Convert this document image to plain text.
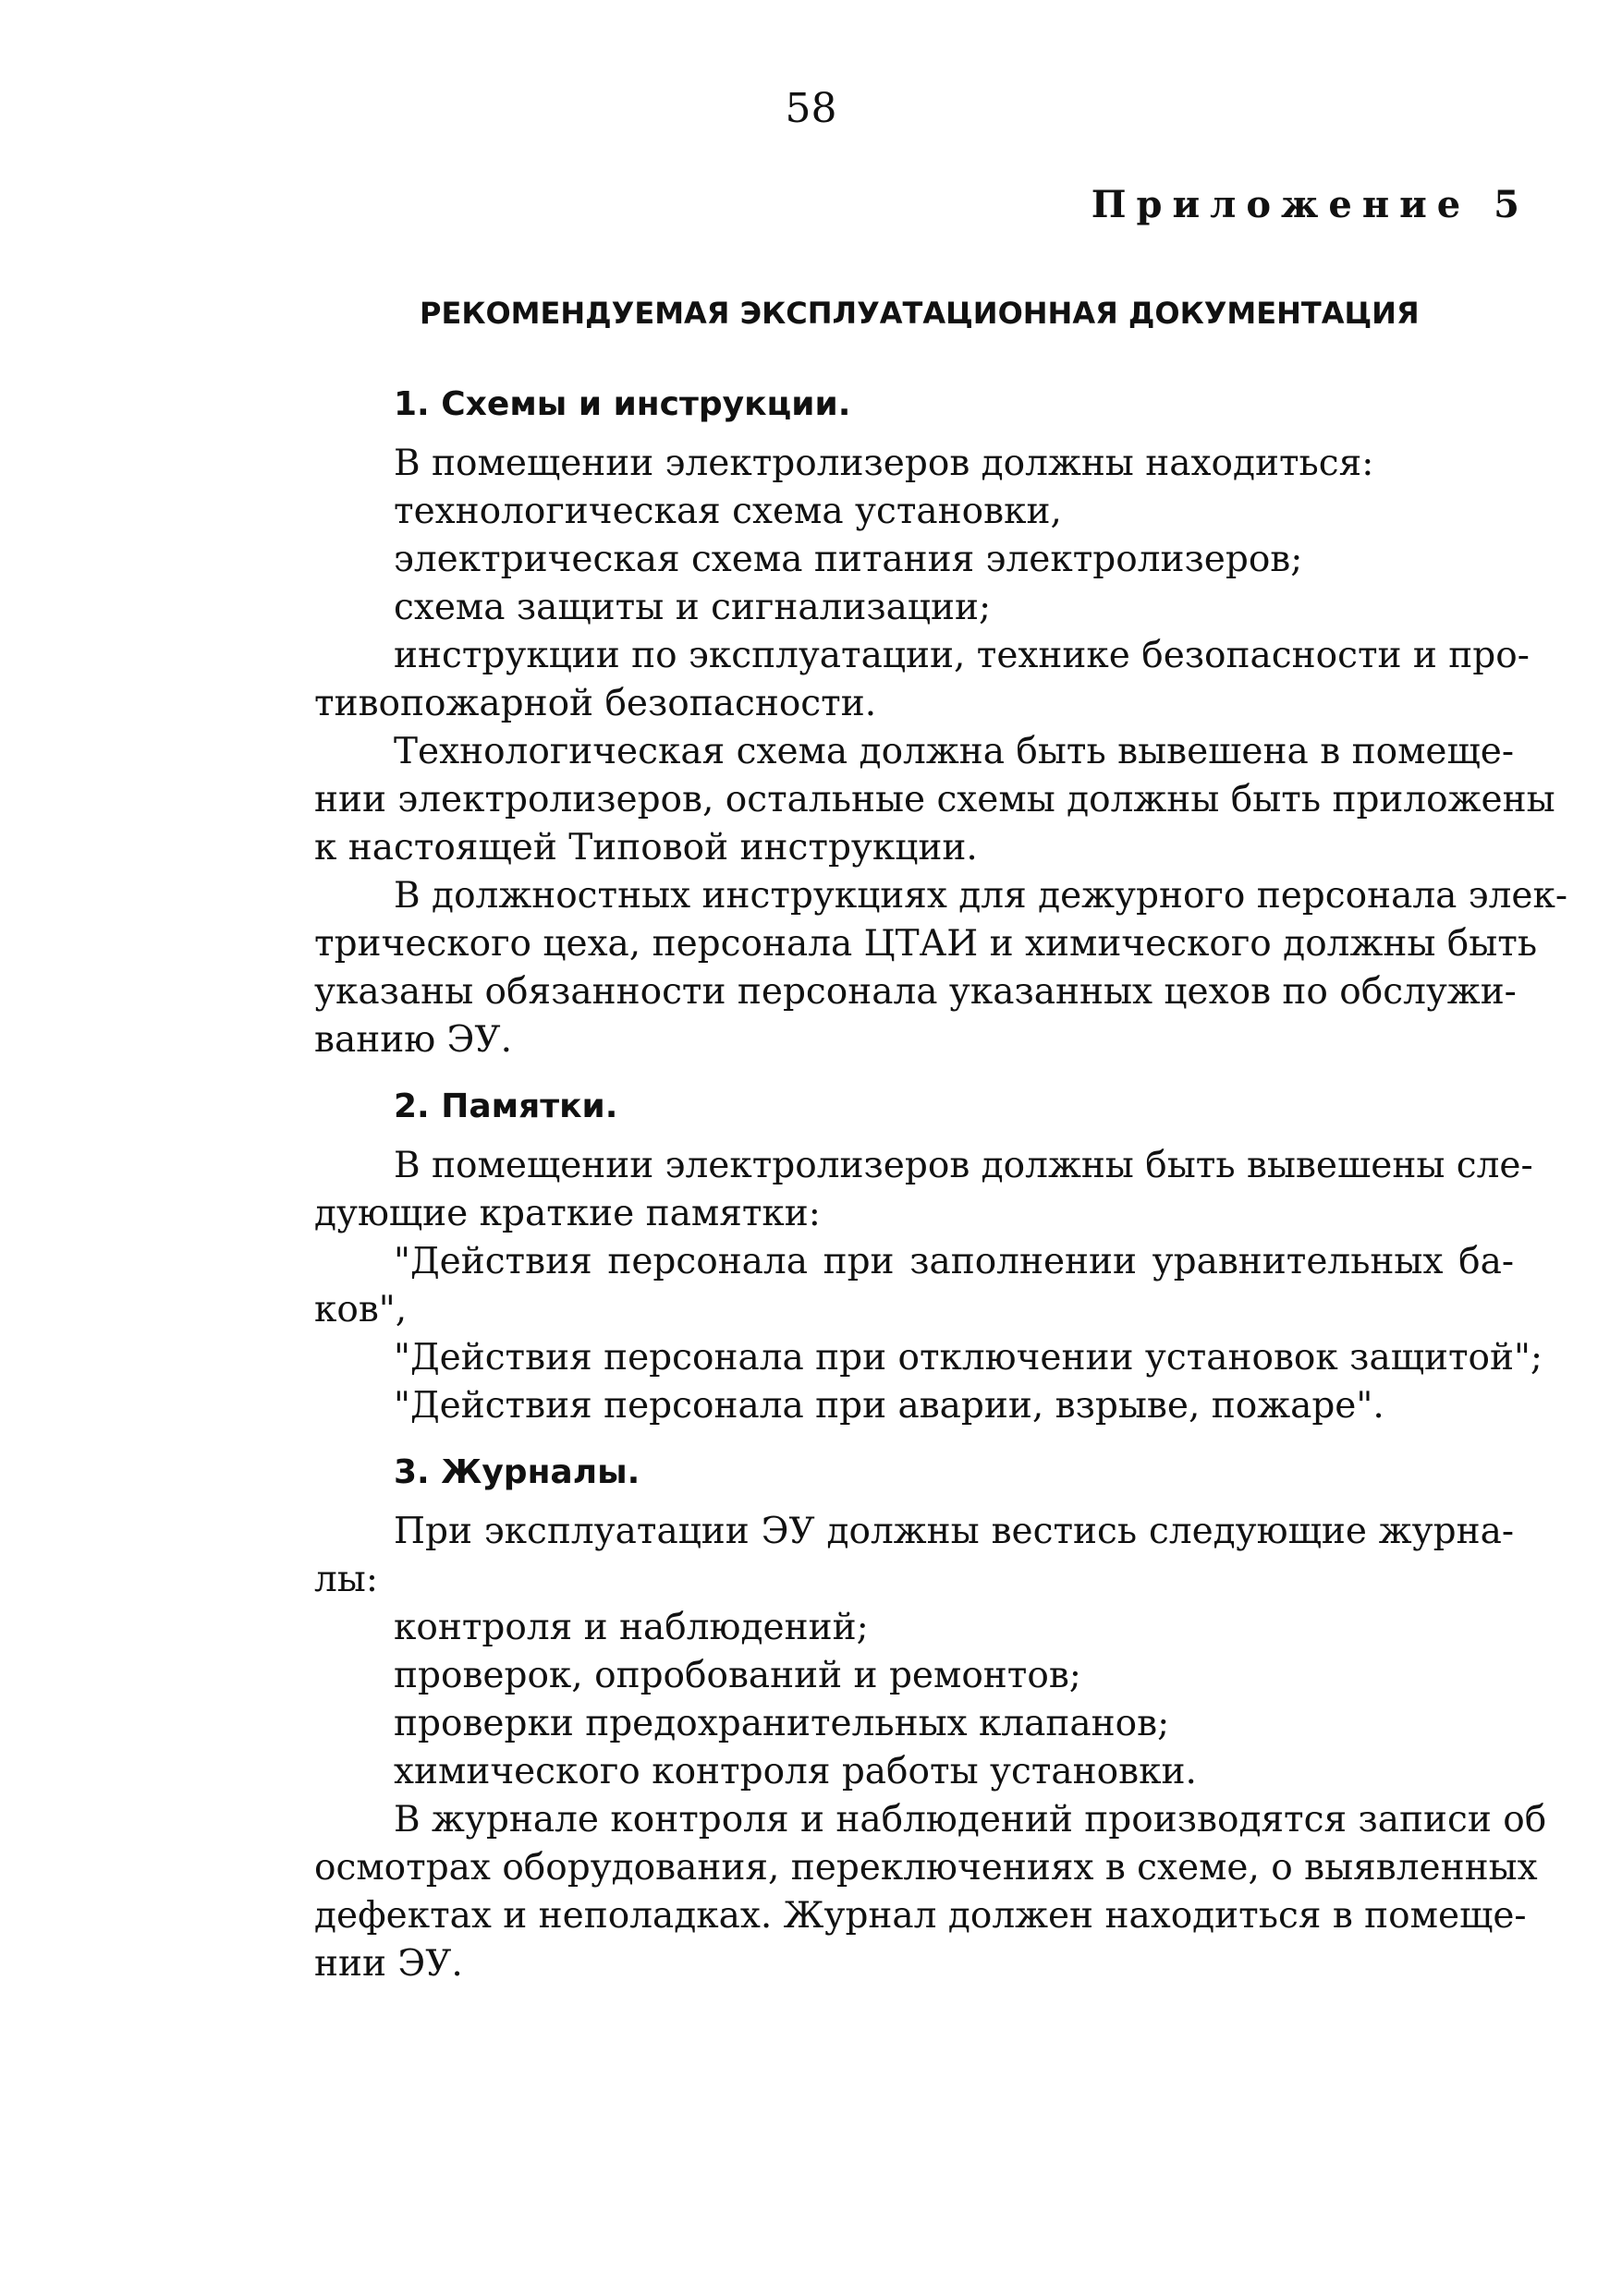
58
Приложение 5
РЕКОМЕНДУЕМАЯ ЭКСПЛУАТАЦИОННАЯ ДОКУМЕНТАЦИЯ
1. Схемы и инструкции.
В помещении электролизеров должны находиться:
технологическая схема установки,
электрическая схема питания электролизеров;
схема защиты и сигнализации;
инструкции по эксплуатации, технике безопасности и про-
тивопожарной безопасности.
Технологическая схема должна быть вывешена в помеще-
нии электролизеров, остальные схемы должны быть приложены
к настоящей Типовой инструкции.
В должностных инструкциях для дежурного персонала элек-
трического цеха, персонала ЦТАИ и химического должны быть
указаны обязанности персонала указанных цехов по обслужи-
ванию ЭУ.
2. Памятки.
В помещении электролизеров должны быть вывешены сле-
дующие краткие памятки:
"Действия персонала при заполнении уравнительных ба-
ков",
"Действия персонала при отключении установок защитой";
"Действия персонала при аварии, взрыве, пожаре".
3. Журналы.
При эксплуатации ЭУ должны вестись следующие журна-
лы:
контроля и наблюдений;
проверок, опробований и ремонтов;
проверки предохранительных клапанов;
химического контроля работы установки.
В журнале контроля и наблюдений производятся записи об
осмотрах оборудования, переключениях в схеме, о выявленных
дефектах и неполадках. Журнал должен находиться в помеще-
нии ЭУ.
